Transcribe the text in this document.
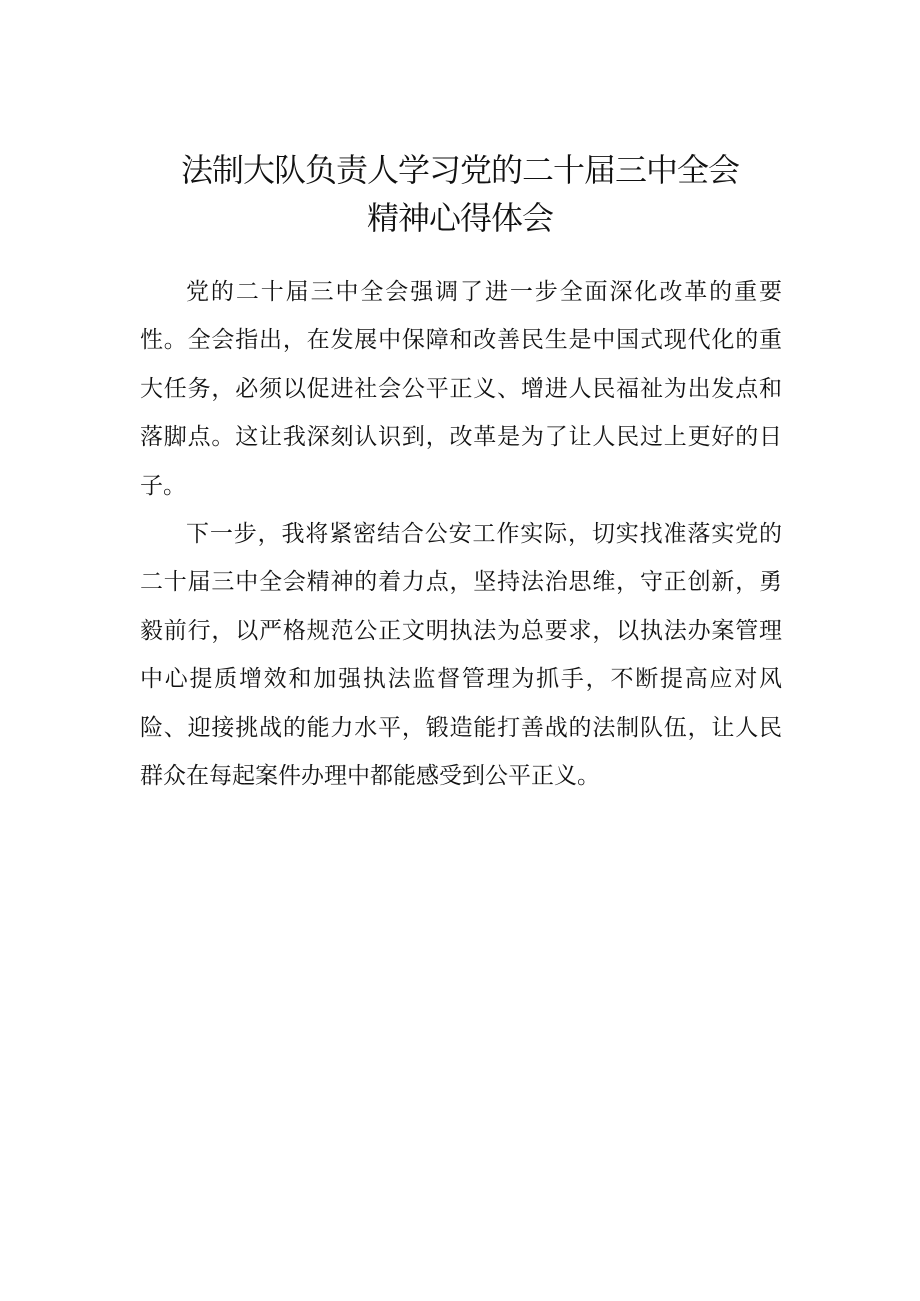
法制大队负责人学习党的二十届三中全会
精神心得体会

党的二十届三中全会强调了进一步全面深化改革的重要性。全会指出，在发展中保障和改善民生是中国式现代化的重大任务，必须以促进社会公平正义、增进人民福祉为出发点和落脚点。这让我深刻认识到，改革是为了让人民过上更好的日子。

下一步，我将紧密结合公安工作实际，切实找准落实党的二十届三中全会精神的着力点，坚持法治思维，守正创新，勇毅前行，以严格规范公正文明执法为总要求，以执法办案管理中心提质增效和加强执法监督管理为抓手，不断提高应对风险、迎接挑战的能力水平，锻造能打善战的法制队伍，让人民群众在每起案件办理中都能感受到公平正义。
